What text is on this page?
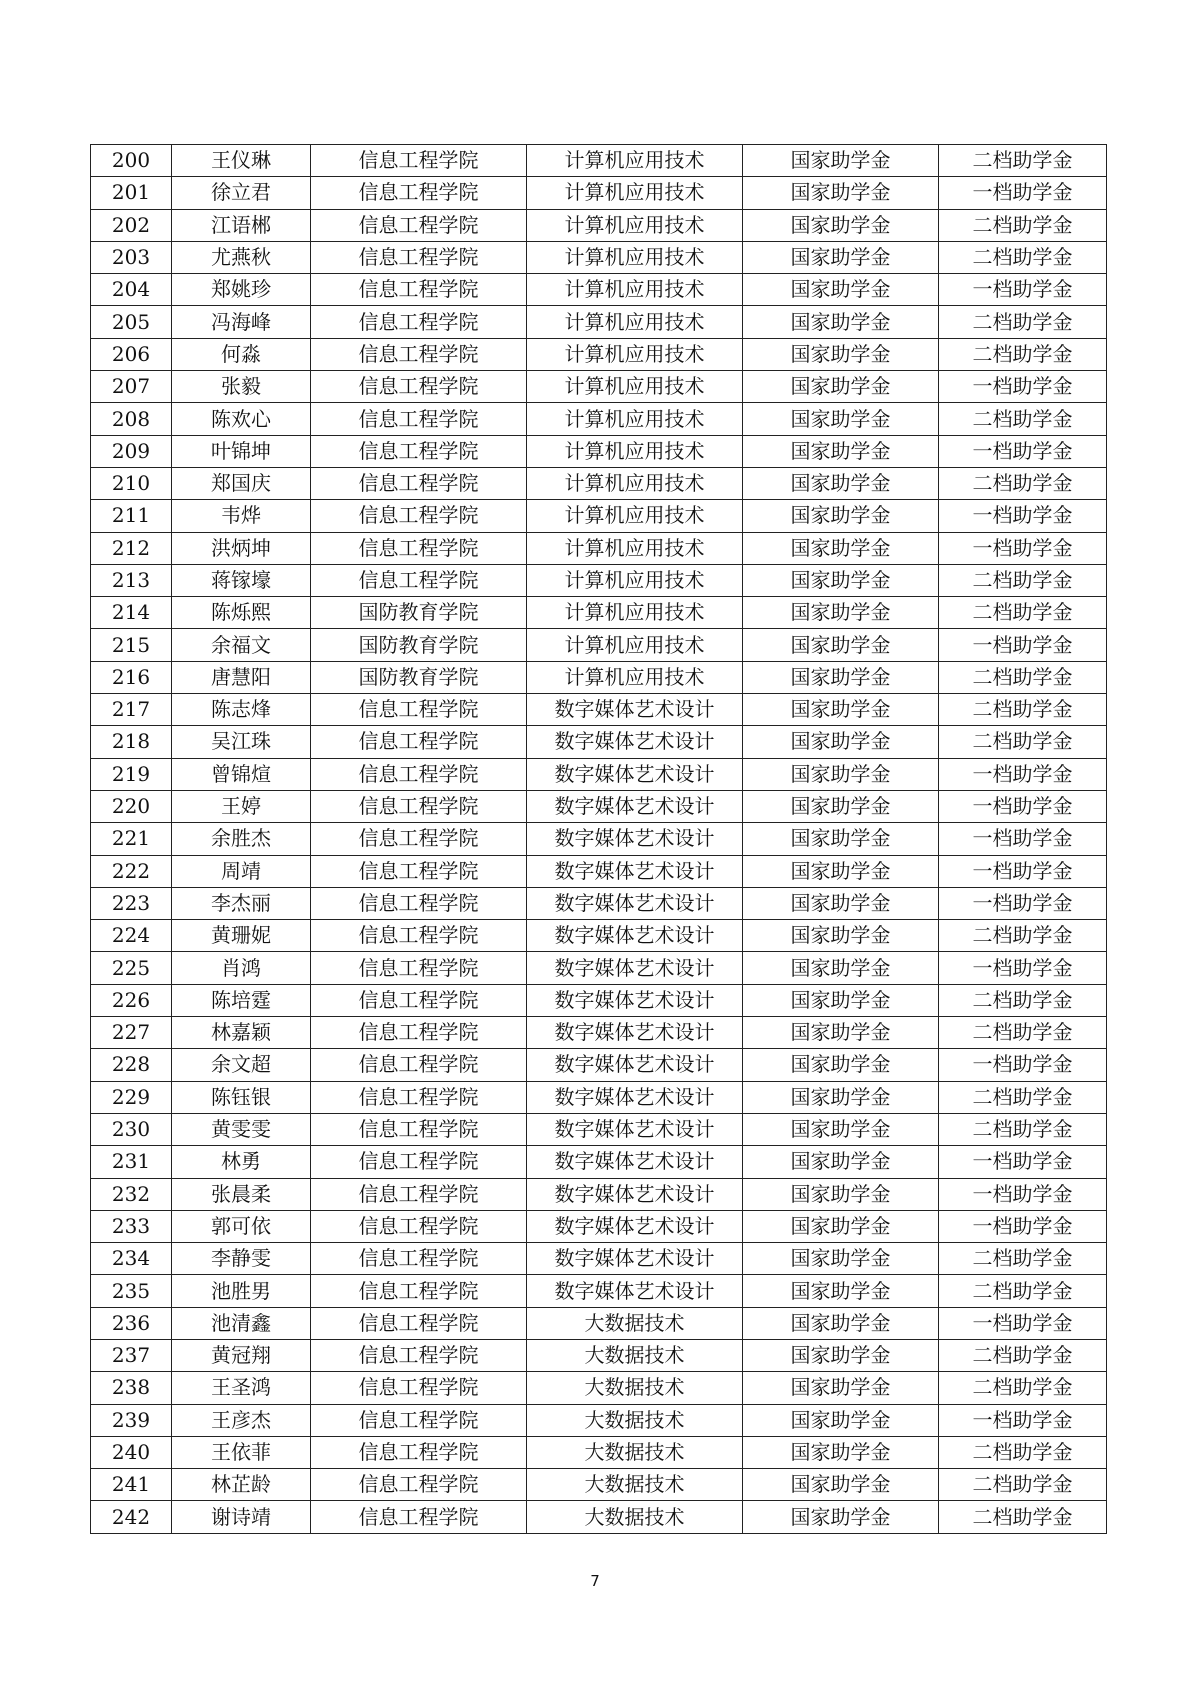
200	王仪琳	信息工程学院	计算机应用技术	国家助学金	二档助学金
201	徐立君	信息工程学院	计算机应用技术	国家助学金	一档助学金
202	江语郴	信息工程学院	计算机应用技术	国家助学金	二档助学金
203	尤燕秋	信息工程学院	计算机应用技术	国家助学金	二档助学金
204	郑姚珍	信息工程学院	计算机应用技术	国家助学金	一档助学金
205	冯海峰	信息工程学院	计算机应用技术	国家助学金	二档助学金
206	何淼	信息工程学院	计算机应用技术	国家助学金	二档助学金
207	张毅	信息工程学院	计算机应用技术	国家助学金	一档助学金
208	陈欢心	信息工程学院	计算机应用技术	国家助学金	二档助学金
209	叶锦坤	信息工程学院	计算机应用技术	国家助学金	一档助学金
210	郑国庆	信息工程学院	计算机应用技术	国家助学金	二档助学金
211	韦烨	信息工程学院	计算机应用技术	国家助学金	一档助学金
212	洪炳坤	信息工程学院	计算机应用技术	国家助学金	一档助学金
213	蒋镓壕	信息工程学院	计算机应用技术	国家助学金	二档助学金
214	陈烁熙	国防教育学院	计算机应用技术	国家助学金	二档助学金
215	余福文	国防教育学院	计算机应用技术	国家助学金	一档助学金
216	唐慧阳	国防教育学院	计算机应用技术	国家助学金	二档助学金
217	陈志烽	信息工程学院	数字媒体艺术设计	国家助学金	二档助学金
218	吴江珠	信息工程学院	数字媒体艺术设计	国家助学金	二档助学金
219	曾锦煊	信息工程学院	数字媒体艺术设计	国家助学金	一档助学金
220	王婷	信息工程学院	数字媒体艺术设计	国家助学金	一档助学金
221	余胜杰	信息工程学院	数字媒体艺术设计	国家助学金	一档助学金
222	周靖	信息工程学院	数字媒体艺术设计	国家助学金	一档助学金
223	李杰丽	信息工程学院	数字媒体艺术设计	国家助学金	一档助学金
224	黄珊妮	信息工程学院	数字媒体艺术设计	国家助学金	二档助学金
225	肖鸿	信息工程学院	数字媒体艺术设计	国家助学金	一档助学金
226	陈培霆	信息工程学院	数字媒体艺术设计	国家助学金	二档助学金
227	林嘉颖	信息工程学院	数字媒体艺术设计	国家助学金	二档助学金
228	余文超	信息工程学院	数字媒体艺术设计	国家助学金	一档助学金
229	陈钰银	信息工程学院	数字媒体艺术设计	国家助学金	二档助学金
230	黄雯雯	信息工程学院	数字媒体艺术设计	国家助学金	二档助学金
231	林勇	信息工程学院	数字媒体艺术设计	国家助学金	一档助学金
232	张晨柔	信息工程学院	数字媒体艺术设计	国家助学金	一档助学金
233	郭可依	信息工程学院	数字媒体艺术设计	国家助学金	一档助学金
234	李静雯	信息工程学院	数字媒体艺术设计	国家助学金	二档助学金
235	池胜男	信息工程学院	数字媒体艺术设计	国家助学金	二档助学金
236	池清鑫	信息工程学院	大数据技术	国家助学金	一档助学金
237	黄冠翔	信息工程学院	大数据技术	国家助学金	二档助学金
238	王圣鸿	信息工程学院	大数据技术	国家助学金	二档助学金
239	王彦杰	信息工程学院	大数据技术	国家助学金	一档助学金
240	王依菲	信息工程学院	大数据技术	国家助学金	二档助学金
241	林芷龄	信息工程学院	大数据技术	国家助学金	二档助学金
242	谢诗靖	信息工程学院	大数据技术	国家助学金	二档助学金
7
